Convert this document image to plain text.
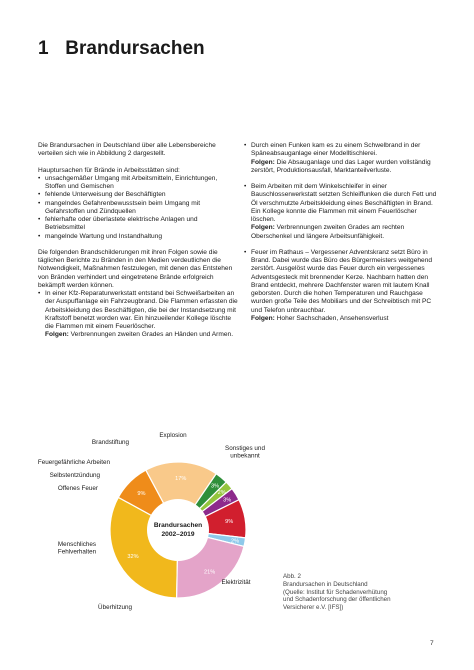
1 Brandursachen

Die Brandursachen in Deutschland über alle Lebensbereiche verteilen sich wie in Abbildung 2 dargestellt.

Hauptursachen für Brände in Arbeitsstätten sind:

• unsachgemäßer Umgang mit Arbeitsmitteln, Einrichtungen, Stoffen und Gemischen
• fehlende Unterweisung der Beschäftigten
• mangelndes Gefahrenbewusstsein beim Umgang mit Gefahrstoffen und Zündquellen
• fehlerhafte oder überlastete elektrische Anlagen und Betriebsmittel
• mangelnde Wartung und Instandhaltung

Die folgenden Brandschilderungen mit ihren Folgen sowie die täglichen Berichte zu Bränden in den Medien verdeutlichen die Notwendigkeit, Maßnahmen festzulegen, mit denen das Entstehen von Bränden verhindert und eingetretene Brände erfolgreich bekämpft werden können.

• In einer Kfz-Reparaturwerkstatt entstand bei Schweißarbeiten an der Auspuffanlage ein Fahrzeugbrand. Die Flammen erfassten die Arbeitskleidung des Beschäftigten, die bei der Instandsetzung mit Kraftstoff benetzt worden war. Ein hinzueilender Kollege löschte die Flammen mit einem Feuerlöscher.
Folgen: Verbrennungen zweiten Grades an Händen und Armen.
• Durch einen Funken kam es zu einem Schwelbrand in der Späneabsauganlage einer Modelltischlerei.
Folgen: Die Absauganlage und das Lager wurden vollständig zerstört, Produktionsausfall, Marktanteilverluste.
• Beim Arbeiten mit dem Winkelschleifer in einer Bauschlosserwerkstatt setzten Schleiffunken die durch Fett und Öl verschmutzte Arbeitskleidung eines Beschäftigten in Brand. Ein Kollege konnte die Flammen mit einem Feuerlöscher löschen.
Folgen: Verbrennungen zweiten Grades am rechten Oberschenkel und längere Arbeitsunfähigkeit.
• Feuer im Rathaus – Vergessener Adventskranz setzt Büro in Brand. Dabei wurde das Büro des Bürgermeisters weitgehend zerstört. Ausgelöst wurde das Feuer durch ein vergessenes Adventsgesteck mit brennender Kerze. Nachbarn hatten den Brand entdeckt, mehrere Dachfenster waren mit lautem Knall geborsten. Durch die hohen Temperaturen und Rauchgase wurden große Teile des Mobiliars und der Schreibtisch mit PC und Telefon unbrauchbar.
Folgen: Hoher Sachschaden, Ansehensverlust
32%
9%
17%
3%
2%
3%
9%
2%
21%
Elektrizität
Überhitzung
Menschliches Fehlverhalten
Offenes Feuer
Selbstentzündung
Feuergefährliche Arbeiten
Brandstiftung
Explosion
Sonstiges und unbekannt
Brandursachen
2002–2019
Abb. 2
Brandursachen in Deutschland
(Quelle: Institut für Schadenverhütung
und Schadenforschung der öffentlichen
Versicherer e.V. [IFS])
7
